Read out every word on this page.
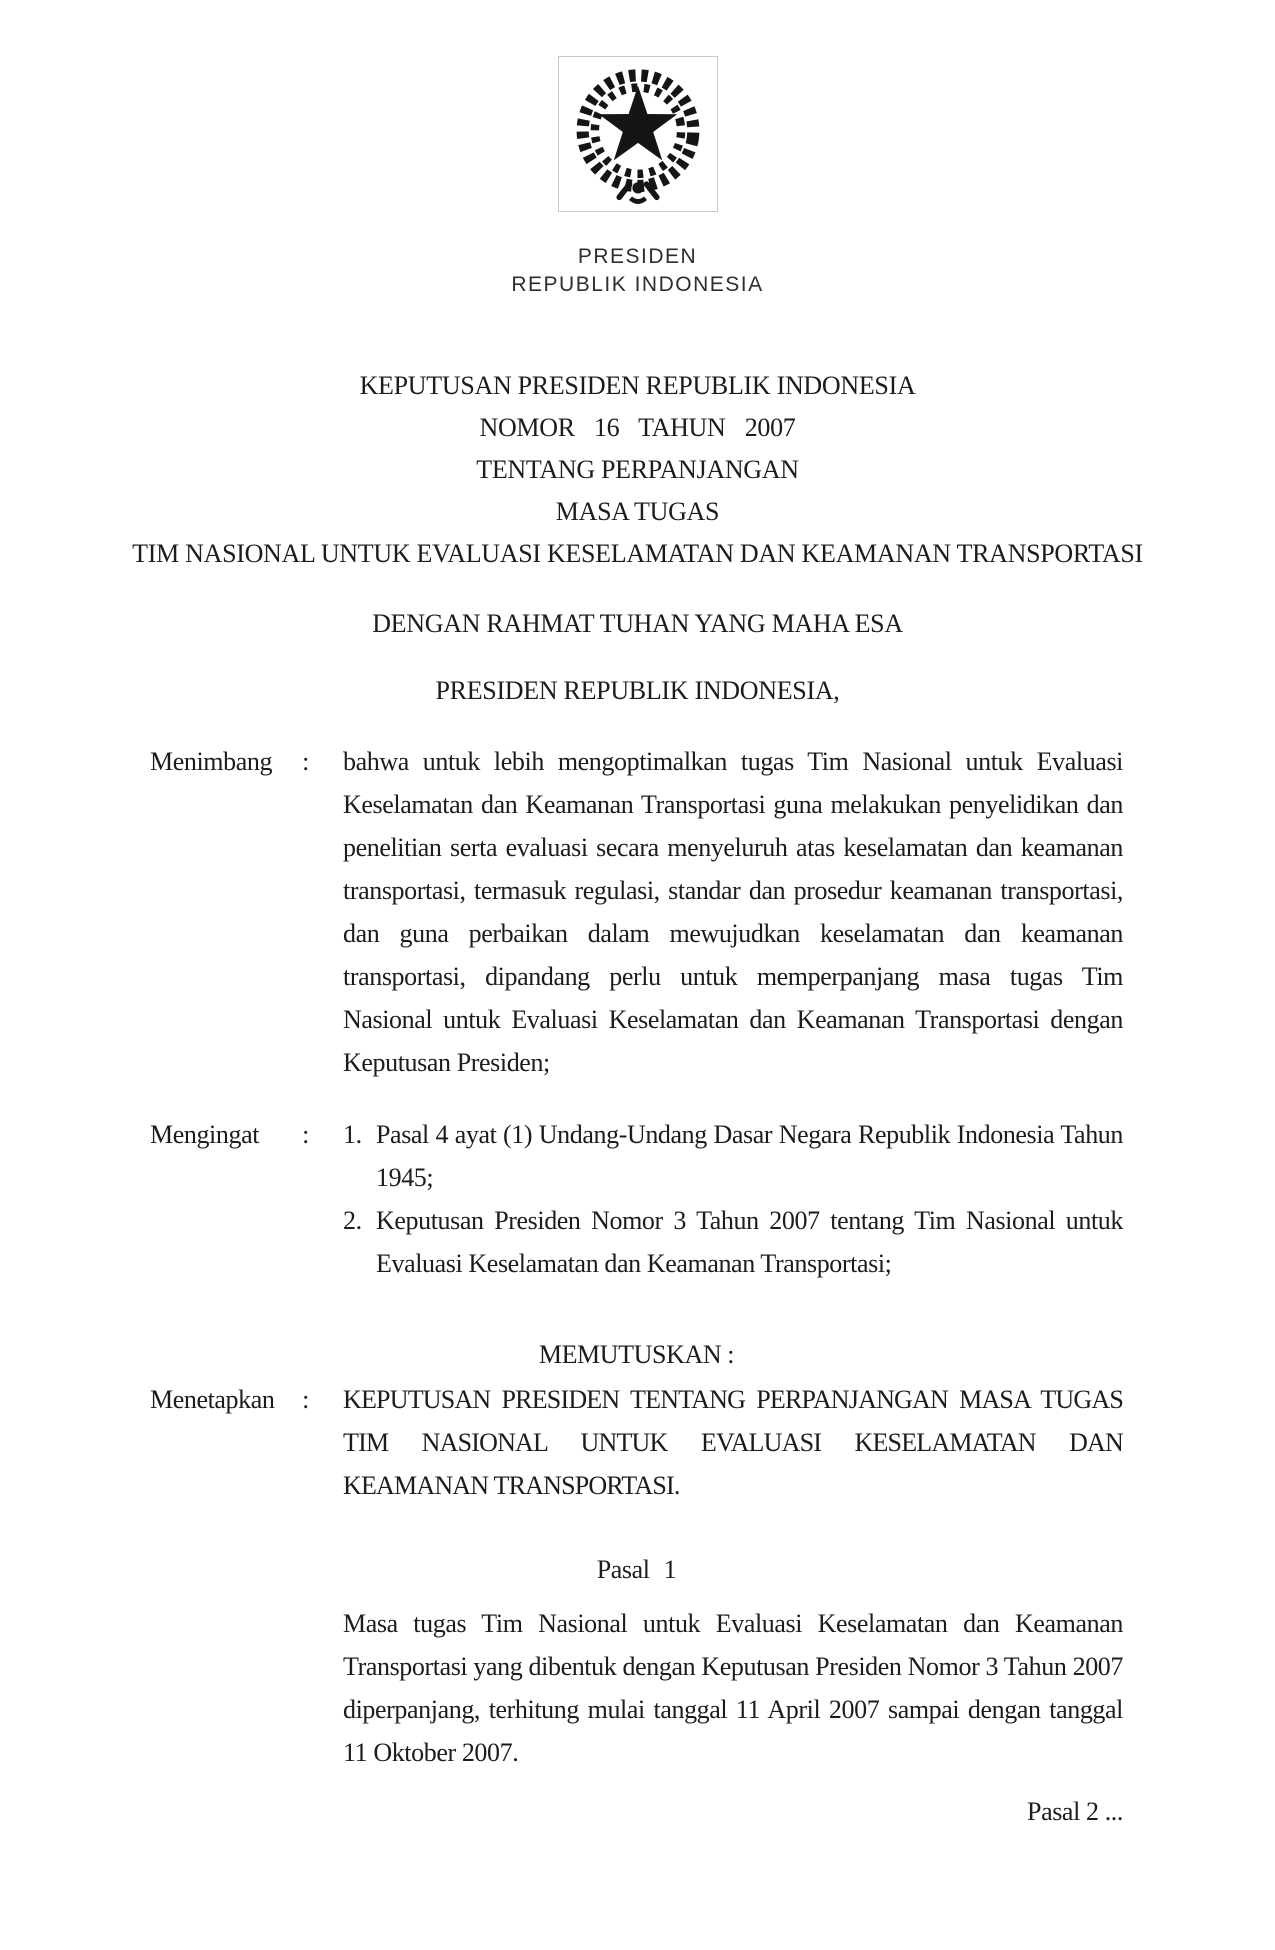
PRESIDEN
REPUBLIK INDONESIA
KEPUTUSAN PRESIDEN REPUBLIK INDONESIA
NOMOR 16 TAHUN 2007
TENTANG PERPANJANGAN
MASA TUGAS
TIM NASIONAL UNTUK EVALUASI KESELAMATAN DAN KEAMANAN TRANSPORTASI
DENGAN RAHMAT TUHAN YANG MAHA ESA
PRESIDEN REPUBLIK INDONESIA,
Menimbang : bahwa untuk lebih mengoptimalkan tugas Tim Nasional untuk Evaluasi Keselamatan dan Keamanan Transportasi guna melakukan penyelidikan dan penelitian serta evaluasi secara menyeluruh atas keselamatan dan keamanan transportasi, termasuk regulasi, standar dan prosedur keamanan transportasi, dan guna perbaikan dalam mewujudkan keselamatan dan keamanan transportasi, dipandang perlu untuk memperpanjang masa tugas Tim Nasional untuk Evaluasi Keselamatan dan Keamanan Transportasi dengan Keputusan Presiden;
Mengingat : 1. Pasal 4 ayat (1) Undang-Undang Dasar Negara Republik Indonesia Tahun 1945;
2. Keputusan Presiden Nomor 3 Tahun 2007 tentang Tim Nasional untuk Evaluasi Keselamatan dan Keamanan Transportasi;
MEMUTUSKAN :
Menetapkan : KEPUTUSAN PRESIDEN TENTANG PERPANJANGAN MASA TUGAS TIM NASIONAL UNTUK EVALUASI KESELAMATAN DAN KEAMANAN TRANSPORTASI.
Pasal 1
Masa tugas Tim Nasional untuk Evaluasi Keselamatan dan Keamanan Transportasi yang dibentuk dengan Keputusan Presiden Nomor 3 Tahun 2007 diperpanjang, terhitung mulai tanggal 11 April 2007 sampai dengan tanggal 11 Oktober 2007.
Pasal 2 ...
